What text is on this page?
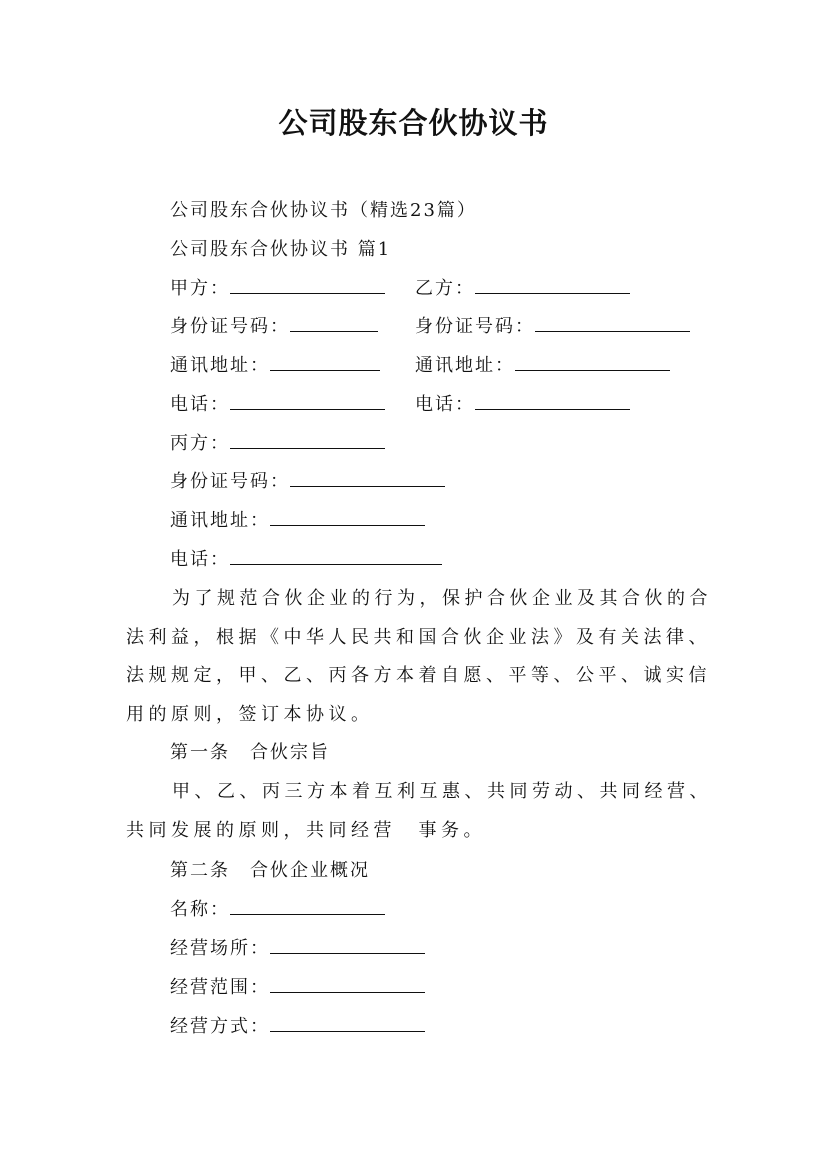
公司股东合伙协议书
公司股东合伙协议书（精选23篇）
公司股东合伙协议书 篇1
甲方：	乙方：
身份证号码：	身份证号码：
通讯地址：	通讯地址：
电话：	电话：
丙方：
身份证号码：
通讯地址：
电话：
为了规范合伙企业的行为，保护合伙企业及其合伙的合
法利益，根据《中华人民共和国合伙企业法》及有关法律、
法规规定，甲、乙、丙各方本着自愿、平等、公平、诚实信
用的原则，签订本协议。
第一条　合伙宗旨
甲、乙、丙三方本着互利互惠、共同劳动、共同经营、
共同发展的原则，共同经营　事务。
第二条　合伙企业概况
名称：
经营场所：
经营范围：
经营方式：
